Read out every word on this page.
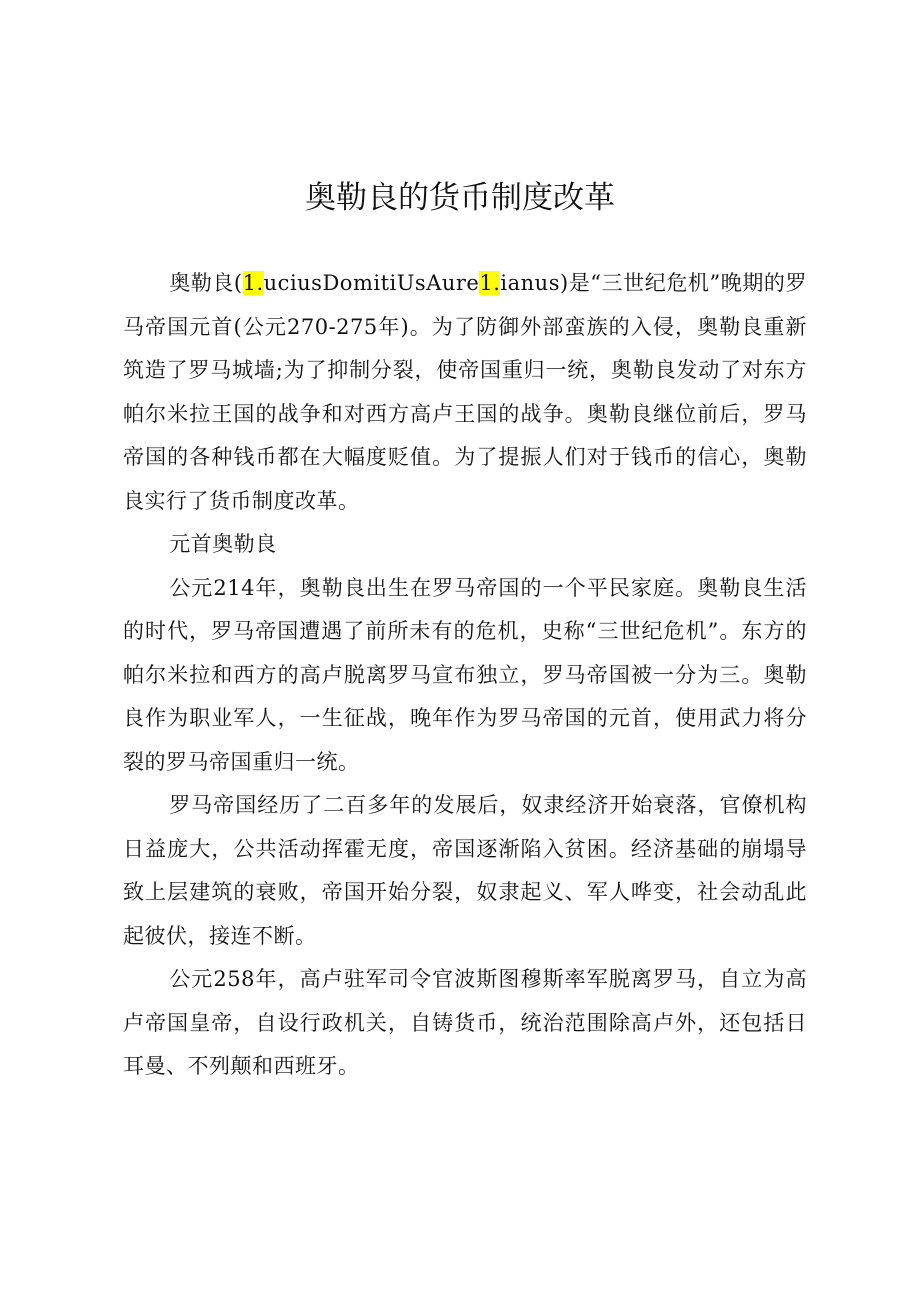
奥勒良的货币制度改革

奥勒良(1.uciusDomitiUsAure1.ianus)是“三世纪危机”晚期的罗马帝国元首(公元270-275年)。为了防御外部蛮族的入侵，奥勒良重新筑造了罗马城墙;为了抑制分裂，使帝国重归一统，奥勒良发动了对东方帕尔米拉王国的战争和对西方高卢王国的战争。奥勒良继位前后，罗马帝国的各种钱币都在大幅度贬值。为了提振人们对于钱币的信心，奥勒良实行了货币制度改革。

元首奥勒良

公元214年，奥勒良出生在罗马帝国的一个平民家庭。奥勒良生活的时代，罗马帝国遭遇了前所未有的危机，史称“三世纪危机”。东方的帕尔米拉和西方的高卢脱离罗马宣布独立，罗马帝国被一分为三。奥勒良作为职业军人，一生征战，晚年作为罗马帝国的元首，使用武力将分裂的罗马帝国重归一统。

罗马帝国经历了二百多年的发展后，奴隶经济开始衰落，官僚机构日益庞大，公共活动挥霍无度，帝国逐渐陷入贫困。经济基础的崩塌导致上层建筑的衰败，帝国开始分裂，奴隶起义、军人哗变，社会动乱此起彼伏，接连不断。

公元258年，高卢驻军司令官波斯图穆斯率军脱离罗马，自立为高卢帝国皇帝，自设行政机关，自铸货币，统治范围除高卢外，还包括日耳曼、不列颠和西班牙。
